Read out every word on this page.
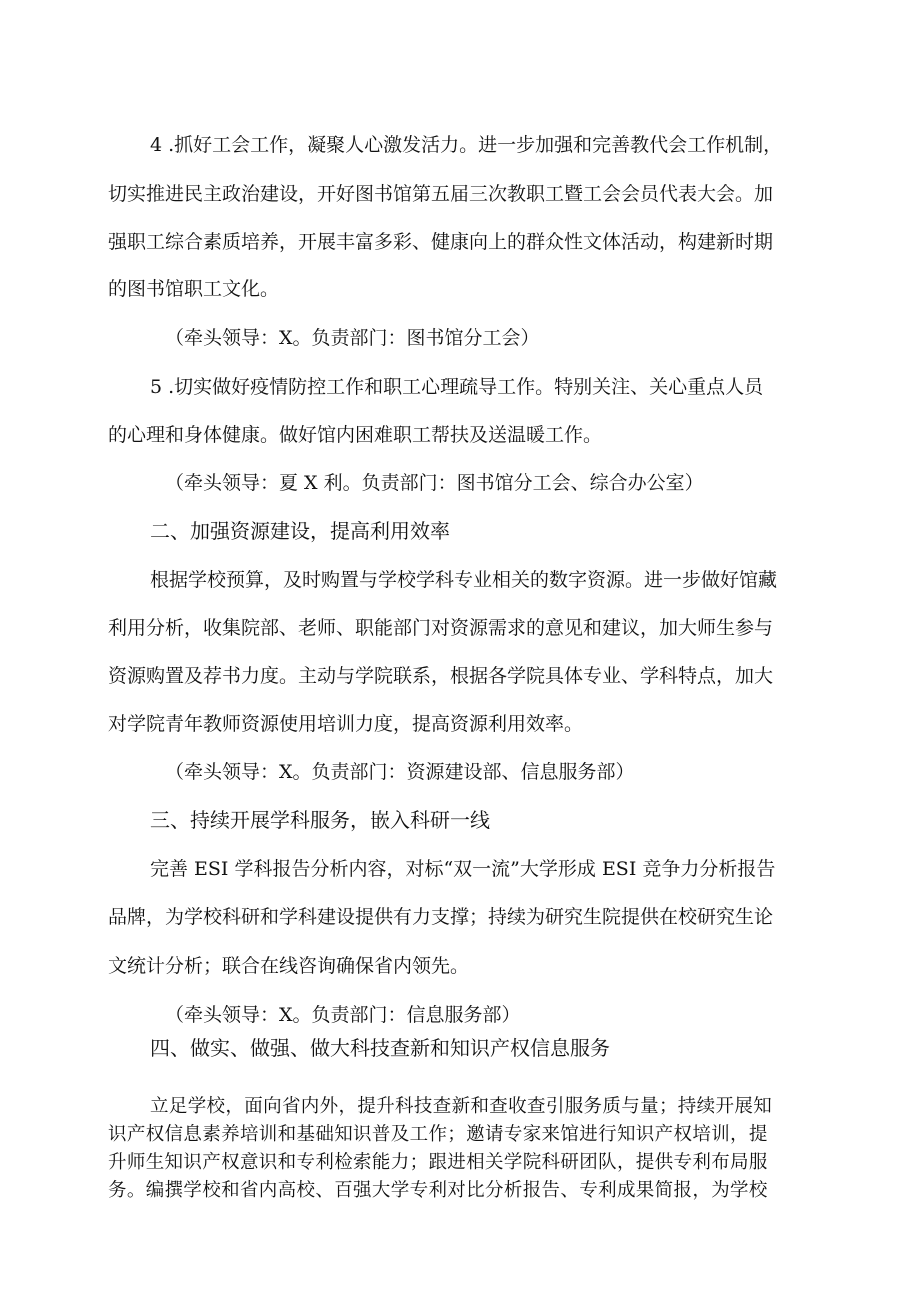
4 .抓好工会工作，凝聚人心激发活力。进一步加强和完善教代会工作机制，

切实推进民主政治建设，开好图书馆第五届三次教职工暨工会会员代表大会。加

强职工综合素质培养，开展丰富多彩、健康向上的群众性文体活动，构建新时期

的图书馆职工文化。

（牵头领导：X。负责部门：图书馆分工会）

5 .切实做好疫情防控工作和职工心理疏导工作。特别关注、关心重点人员

的心理和身体健康。做好馆内困难职工帮扶及送温暖工作。

（牵头领导：夏 X 利。负责部门：图书馆分工会、综合办公室）

二、加强资源建设，提高利用效率

根据学校预算，及时购置与学校学科专业相关的数字资源。进一步做好馆藏

利用分析，收集院部、老师、职能部门对资源需求的意见和建议，加大师生参与

资源购置及荐书力度。主动与学院联系，根据各学院具体专业、学科特点，加大

对学院青年教师资源使用培训力度，提高资源利用效率。

（牵头领导：X。负责部门：资源建设部、信息服务部）

三、持续开展学科服务，嵌入科研一线

完善 ESI 学科报告分析内容，对标“双一流”大学形成 ESI 竞争力分析报告

品牌，为学校科研和学科建设提供有力支撑；持续为研究生院提供在校研究生论

文统计分析；联合在线咨询确保省内领先。

（牵头领导：X。负责部门：信息服务部）

四、做实、做强、做大科技查新和知识产权信息服务

立足学校，面向省内外，提升科技查新和查收查引服务质与量；持续开展知

识产权信息素养培训和基础知识普及工作；邀请专家来馆进行知识产权培训，提

升师生知识产权意识和专利检索能力；跟进相关学院科研团队，提供专利布局服

务。编撰学校和省内高校、百强大学专利对比分析报告、专利成果简报，为学校
